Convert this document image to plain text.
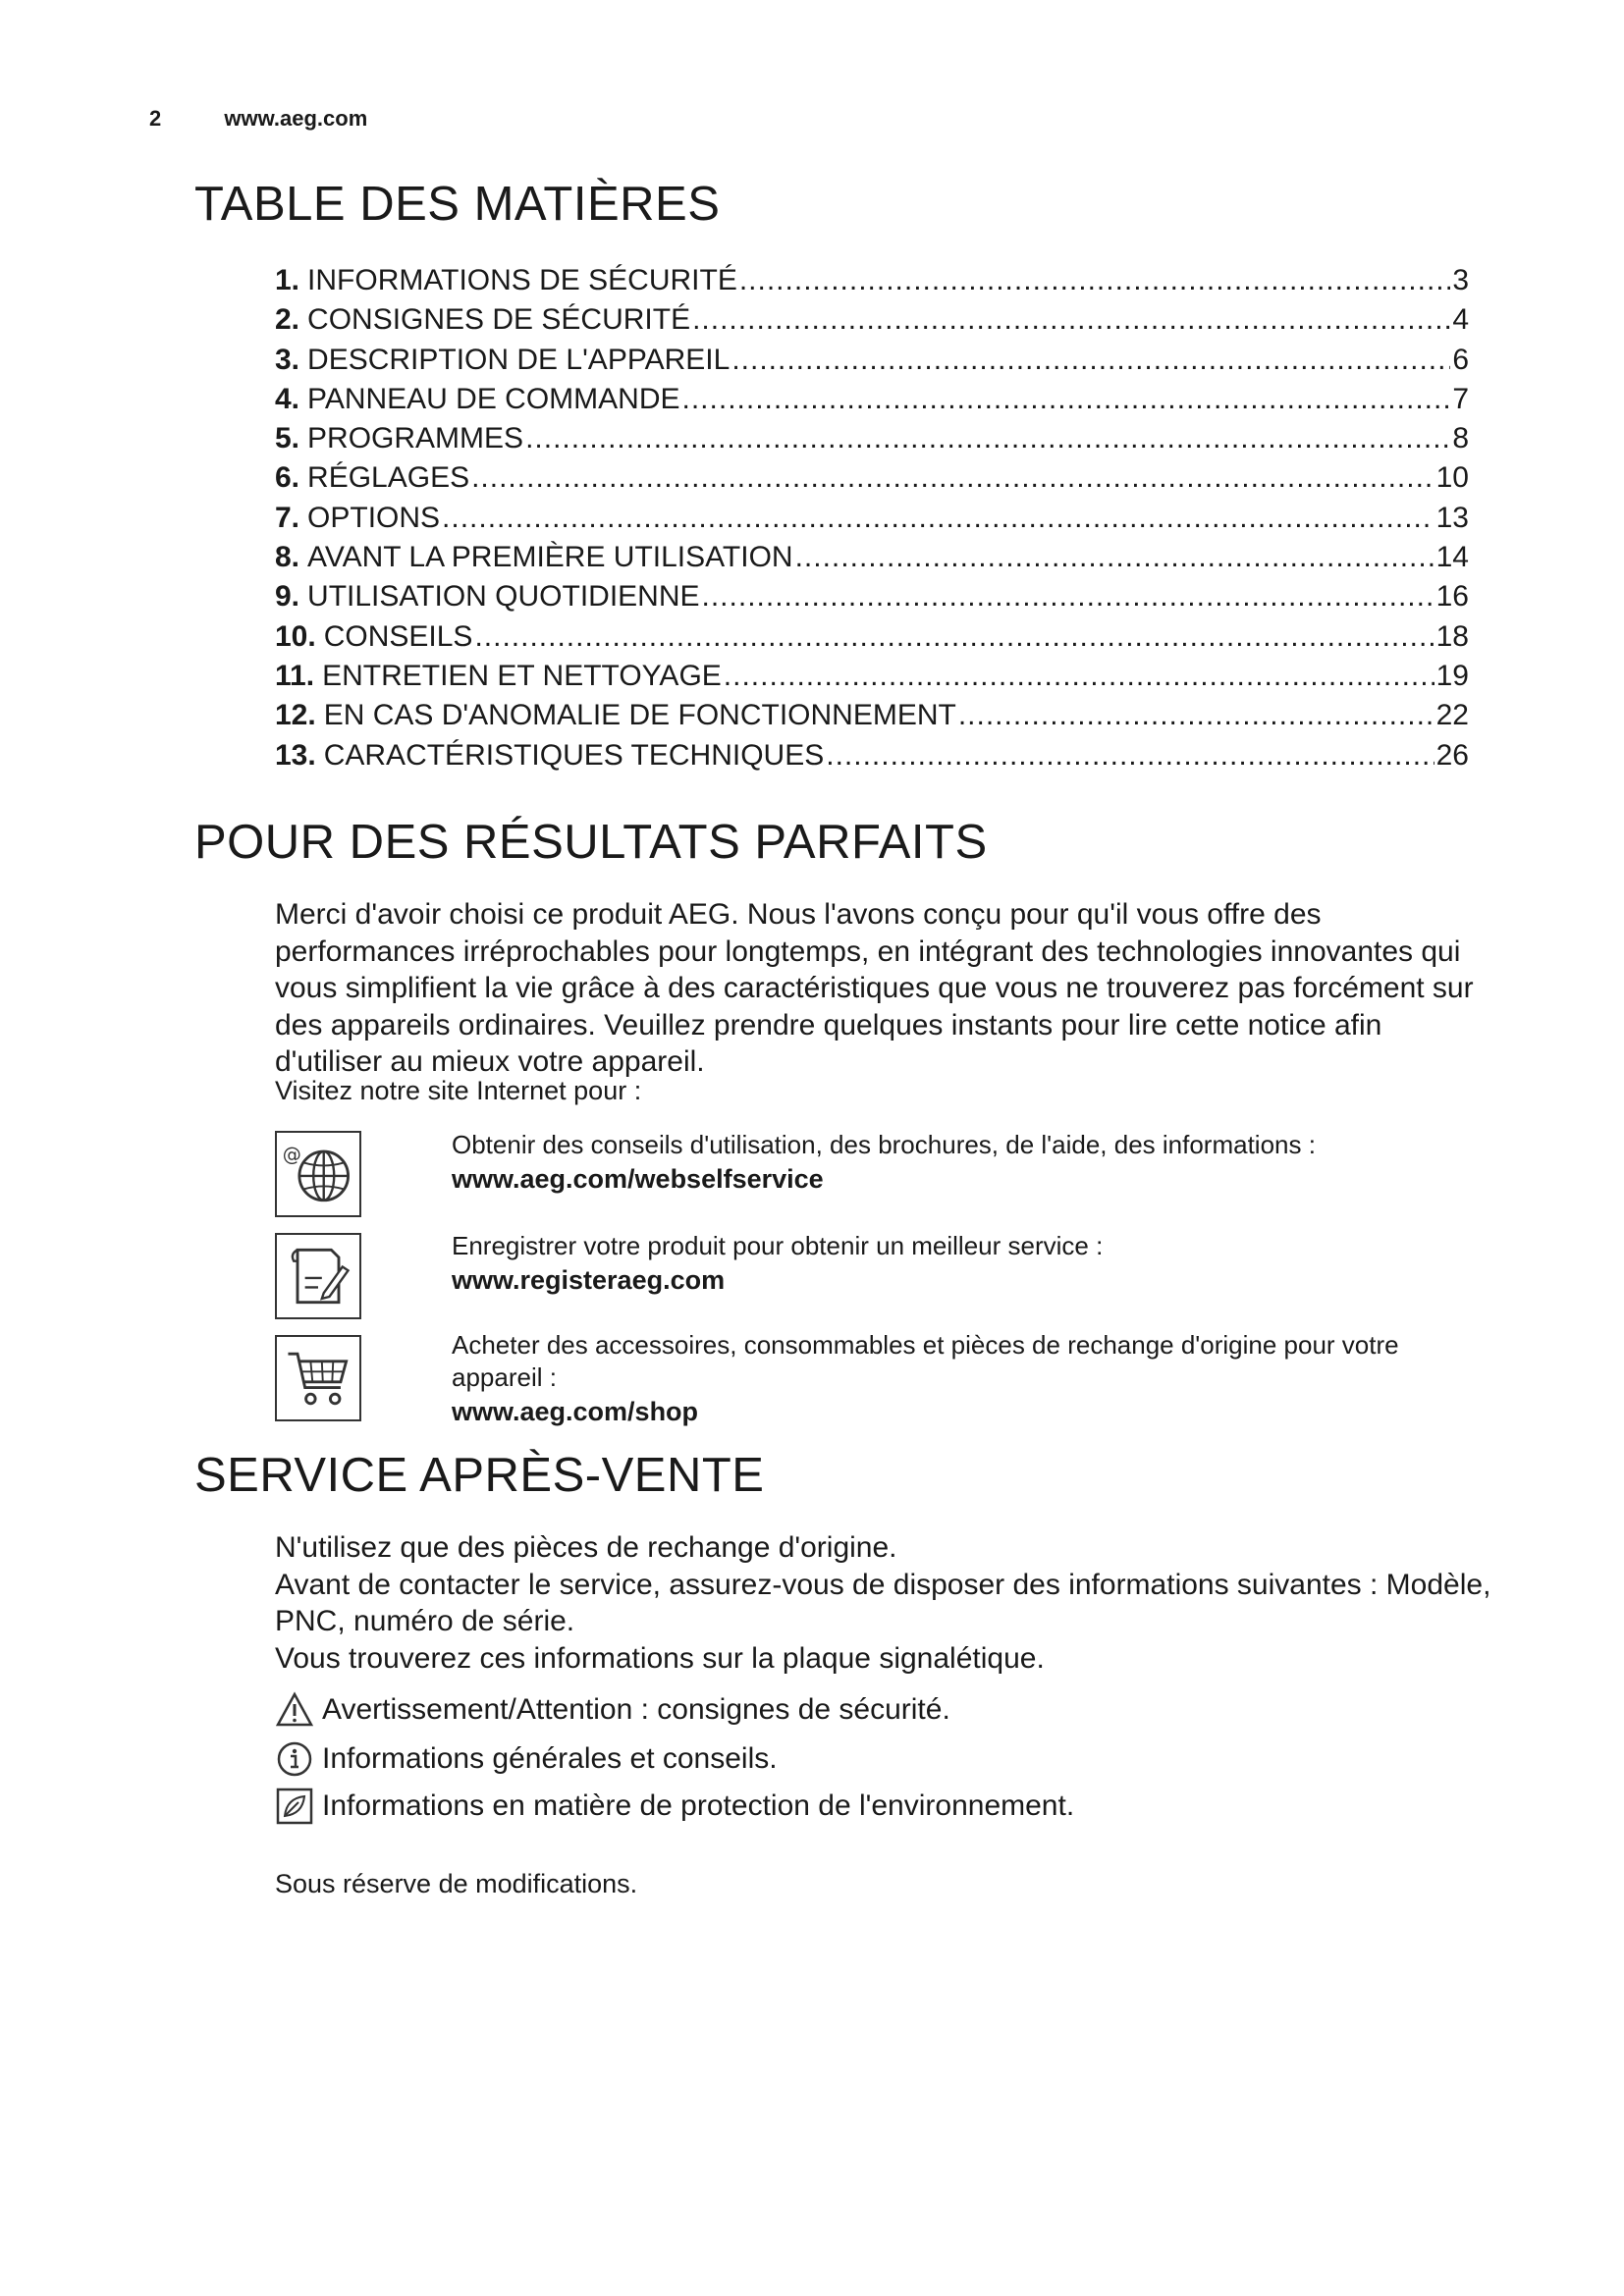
2	www.aeg.com
TABLE DES MATIÈRES
1. INFORMATIONS DE SÉCURITÉ .....	3
2. CONSIGNES DE SÉCURITÉ .....	4
3. DESCRIPTION DE L'APPAREIL .....	6
4. PANNEAU DE COMMANDE .....	7
5. PROGRAMMES .....	8
6. RÉGLAGES .....	10
7. OPTIONS .....	13
8. AVANT LA PREMIÈRE UTILISATION .....	14
9. UTILISATION QUOTIDIENNE .....	16
10. CONSEILS .....	18
11. ENTRETIEN ET NETTOYAGE .....	19
12. EN CAS D'ANOMALIE DE FONCTIONNEMENT .....	22
13. CARACTÉRISTIQUES TECHNIQUES .....	26
POUR DES RÉSULTATS PARFAITS

Merci d'avoir choisi ce produit AEG. Nous l'avons conçu pour qu'il vous offre des performances irréprochables pour longtemps, en intégrant des technologies innovantes qui vous simplifient la vie grâce à des caractéristiques que vous ne trouverez pas forcément sur des appareils ordinaires. Veuillez prendre quelques instants pour lire cette notice afin d'utiliser au mieux votre appareil.

Visitez notre site Internet pour :

@	Obtenir des conseils d'utilisation, des brochures, de l'aide, des informations :
www.aeg.com/webselfservice
Enregistrer votre produit pour obtenir un meilleur service :
www.registeraeg.com
Acheter des accessoires, consommables et pièces de rechange d'origine pour votre appareil :
www.aeg.com/shop
SERVICE APRÈS-VENTE
N'utilisez que des pièces de rechange d'origine.
Avant de contacter le service, assurez-vous de disposer des informations suivantes : Modèle, PNC, numéro de série.
Vous trouverez ces informations sur la plaque signalétique.
Avertissement/Attention : consignes de sécurité.
Informations générales et conseils.
Informations en matière de protection de l'environnement.
Sous réserve de modifications.
